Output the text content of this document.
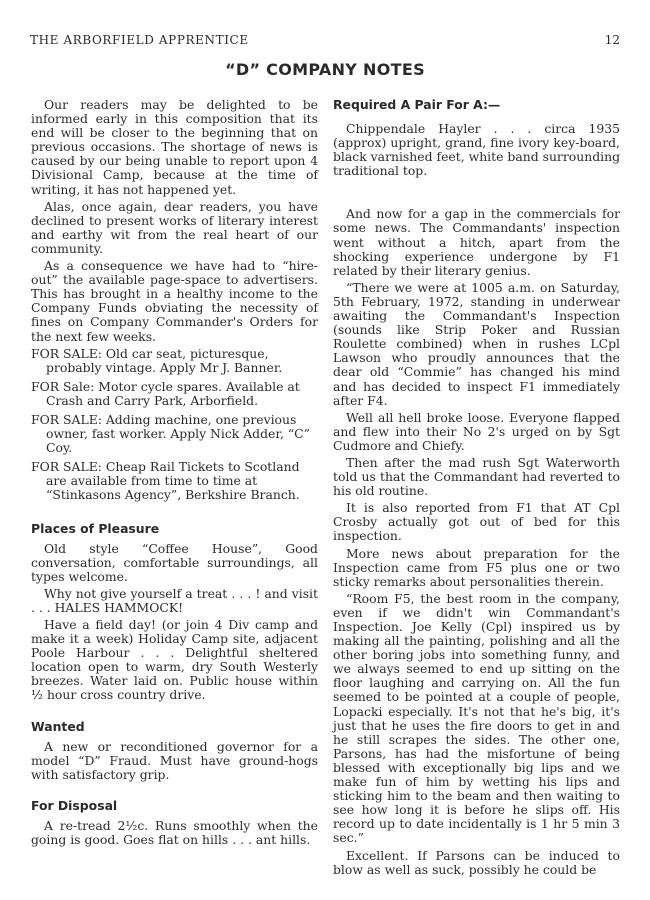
THE ARBORFIELD APPRENTICE	12
“D” COMPANY NOTES

Our readers may be delighted to be informed early in this composition that its end will be closer to the beginning that on previous occasions. The shortage of news is caused by our being unable to report upon 4 Divisional Camp, because at the time of writing, it has not happened yet.

Alas, once again, dear readers, you have declined to present works of literary interest and earthy wit from the real heart of our community.

As a consequence we have had to “hire-out” the available page-space to advertisers. This has brought in a healthy income to the Company Funds obviating the necessity of fines on Company Commander's Orders for the next few weeks.

FOR SALE: Old car seat, picturesque, probably vintage. Apply Mr J. Banner.

FOR Sale: Motor cycle spares. Available at Crash and Carry Park, Arborfield.

FOR SALE: Adding machine, one previous owner, fast worker. Apply Nick Adder, “C” Coy.

FOR SALE: Cheap Rail Tickets to Scotland are available from time to time at “Stinkasons Agency”, Berkshire Branch.

Places of Pleasure

Old style “Coffee House”, Good conversation, comfortable surroundings, all types welcome.

Why not give yourself a treat . . . ! and visit . . . HALES HAMMOCK!

Have a field day! (or join 4 Div camp and make it a week) Holiday Camp site, adjacent Poole Harbour . . . Delightful sheltered location open to warm, dry South Westerly breezes. Water laid on. Public house within ½ hour cross country drive.

Wanted

A new or reconditioned governor for a model “D” Fraud. Must have ground-hogs with satisfactory grip.

For Disposal

A re-tread 2½c. Runs smoothly when the going is good. Goes flat on hills . . . ant hills.

Required A Pair For A:—

Chippendale Hayler . . . circa 1935 (approx) upright, grand, fine ivory key-board, black varnished feet, white band surrounding traditional top.

And now for a gap in the commercials for some news. The Commandants' inspection went without a hitch, apart from the shocking experience undergone by F1 related by their literary genius.

“There we were at 1005 a.m. on Saturday, 5th February, 1972, standing in underwear awaiting the Commandant's Inspection (sounds like Strip Poker and Russian Roulette combined) when in rushes LCpl Lawson who proudly announces that the dear old “Commie” has changed his mind and has decided to inspect F1 immediately after F4.

Well all hell broke loose. Everyone flapped and flew into their No 2's urged on by Sgt Cudmore and Chiefy.

Then after the mad rush Sgt Waterworth told us that the Commandant had reverted to his old routine.

It is also reported from F1 that AT Cpl Crosby actually got out of bed for this inspection.

More news about preparation for the Inspection came from F5 plus one or two sticky remarks about personalities therein.

“Room F5, the best room in the company, even if we didn't win Commandant's Inspection. Joe Kelly (Cpl) inspired us by making all the painting, polishing and all the other boring jobs into something funny, and we always seemed to end up sitting on the floor laughing and carrying on. All the fun seemed to be pointed at a couple of people, Lopacki especially. It's not that he's big, it's just that he uses the fire doors to get in and he still scrapes the sides. The other one, Parsons, has had the misfortune of being blessed with exceptionally big lips and we make fun of him by wetting his lips and sticking him to the beam and then waiting to see how long it is before he slips off. His record up to date incidentally is 1 hr 5 min 3 sec.”

Excellent. If Parsons can be induced to blow as well as suck, possibly he could be
